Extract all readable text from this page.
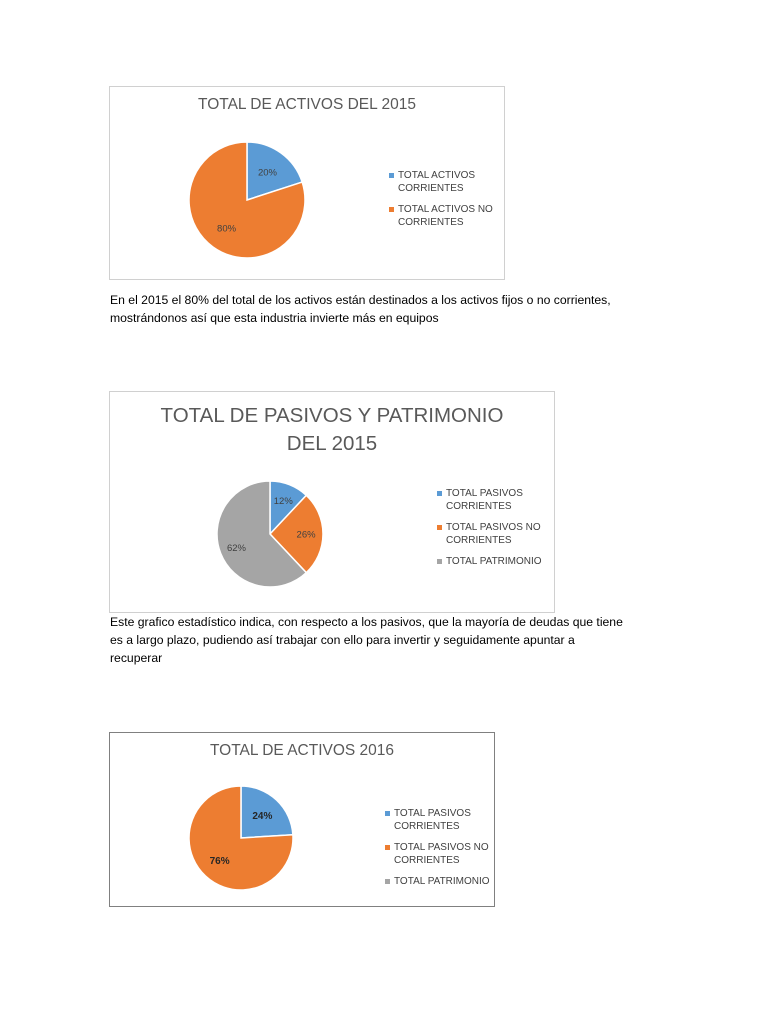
TOTAL DE ACTIVOS DEL 2015
20%
80%
TOTAL ACTIVOS CORRIENTES
TOTAL ACTIVOS NO CORRIENTES
En el 2015 el 80% del total de los activos están destinados a los activos fijos o no corrientes,
mostrándonos así que esta industria invierte más en equipos
TOTAL DE PASIVOS Y PATRIMONIO
DEL 2015
12%
26%
62%
TOTAL PASIVOS CORRIENTES
TOTAL PASIVOS NO CORRIENTES
TOTAL PATRIMONIO
Este grafico estadístico indica, con respecto a los pasivos, que la mayoría de deudas que tiene
es a largo plazo, pudiendo así trabajar con ello para invertir y seguidamente apuntar a
recuperar
TOTAL DE ACTIVOS 2016
24%
76%
TOTAL PASIVOS CORRIENTES
TOTAL PASIVOS NO CORRIENTES
TOTAL PATRIMONIO
